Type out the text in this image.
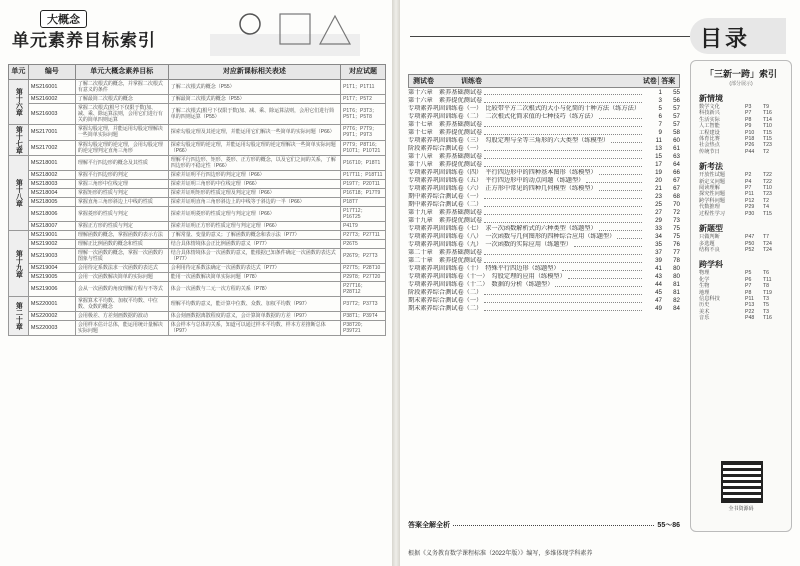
大概念
单元素养目标索引
单元	编号	单元大概念素养目标	对应新课标相关表述	对应试题
第十六章	MS216001	了解二次根式的概念，并掌握二次根式有意义的条件	了解二次根式的概念（P55）	P1T1；P1T11
	MS216002	了解最简二次根式的概念	了解最简二次根式的概念（P55）	P1T7；P5T2
	MS216003	掌握二次根式(根号下仅限于数)加、减、乘、除运算法则，会用它们进行有关的简单四则运算	了解二次根式(根号下仅限于数)加、减、乘、除运算法则，会用它们进行简单的四则运算（P55）	P1T6；P3T3；P5T1；P5T8
第十七章	MS217001	掌握勾股定理，并能运用勾股定理解决一些简单实际问题	探索勾股定理及其逆定理，并能运用它们解决一些简单的实际问题（P66）	P7T6；P7T9；P9T1；P9T3
	MS217002	掌握勾股定理的逆定理，会用勾股定理的逆定理判定直角三角形	探索勾股定理的逆定理，并能运用勾股定理的逆定理解决一些简单实际问题（P66）	P7T9；P8T16；P10T1；P10T21
第十八章	MS218001	理解平行四边形的概念及其性质	理解平行四边形、矩形、菱形、正方形的概念，以及它们之间的关系，了解四边形的不稳定性（P66）	P16T10；P18T1
	MS218002	掌握平行四边形的判定	探索并证明平行四边形的判定定理（P66）	P17T11；P18T11
	MS218003	掌握三角形中位线定理	探索并证明三角形的中位线定理（P66）	P19T7；P20T11
	MS218004	掌握矩形的性质与判定	探索并证明矩形的性质定理及判定定理（P66）	P16T18；P17T9
	MS218005	掌握直角三角形斜边上中线的性质	探索并证明直角三角形斜边上的中线等于斜边的一半（P66）	P18T7
	MS218006	掌握菱形的性质与判定	探索并证明菱形的性质定理与判定定理（P66）	P17T12；P16T25
	MS218007	掌握正方形的性质与判定	探索并证明正方形的性质定理与判定定理（P66）	P41T9
第十九章	MS219001	理解函数的概念，掌握函数的表示方法	了解常量、变量的意义；了解函数的概念和表示法（P77）	P27T3；P27T11
	MS219002	理解正比例函数的概念和性质	结合具体情境体会正比例函数的意义（P77）	P26T5
	MS219003	理解一次函数的概念，掌握一次函数的图象与性质	结合具体情境体会一次函数的意义，能根据已知条件确定一次函数的表达式（P77）	P26T9；P27T3
	MS219004	会用待定系数法求一次函数的表达式	会利用待定系数法确定一次函数的表达式（P77）	P27T5；P28T10
	MS219005	会用一次函数解决简单的实际问题	能用一次函数解决简单实际问题（P78）	P29T8；P27T20
	MS219006	会从一次函数的角度理解方程与不等式	体会一次函数与二元一次方程的关系（P78）	P27T16；P28T12
第二十章	MS220001	掌握算术平均数、加权平均数、中位数、众数的概念	理解平均数的意义，能计算中位数、众数、加权平均数（P97）	P37T2；P37T3
	MS220002	会用极差、方差刻画数据的波动	体会刻画数据离散程度的意义，会计算简单数据的方差（P97）	P38T1；P39T4
	MS220003	会用样本估计总体，能运用统计量解决实际问题	体会样本与总体的关系，知道可以通过样本平均数、样本方差推断总体（P97）	P38T20；P39T21
目录
测试卷	训练卷	试卷│答案
第十六章　素养基础测试卷	1	55
第十六章　素养提优测试卷	3	56
专项素养巩固训练卷（一）　比较带平方二次根式的大小与化简的十种方法（练方法）	5	57
专项素养巩固训练卷（二）　二次根式化简求值的七种技巧（练方法）	6	57
第十七章　素养基础测试卷	7	57
第十七章　素养提优测试卷	9	58
专项素养巩固训练卷（三）　勾股定理与全等三角形的六大类型（练模型）	11	60
阶段素养综合测试卷（一）	13	61
第十八章　素养基础测试卷	15	63
第十八章　素养提优测试卷	17	64
专项素养巩固训练卷（四）　平行四边形中的四种基本图形（练模型）	19	66
专项素养巩固训练卷（五）　平行四边形中的动点问题（练题型）	20	67
专项素养巩固训练卷（六）　正方形中常见的四种几何模型（练模型）	21	67
期中素养综合测试卷（一）	23	68
期中素养综合测试卷（二）	25	70
第十九章　素养基础测试卷	27	72
第十九章　素养提优测试卷	29	73
专项素养巩固训练卷（七）　求一次函数解析式的六种类型（练题型）	33	75
专项素养巩固训练卷（八）　一次函数与几何图形的四种综合应用（练题型）	34	75
专项素养巩固训练卷（九）　一次函数的实际应用（练题型）	35	76
第二十章　素养基础测试卷	37	77
第二十章　素养提优测试卷	39	78
专项素养巩固训练卷（十）　特殊平行四边形（练题型）	41	80
专项素养巩固训练卷（十一）　勾股定理的应用（练模型）	43	80
专项素养巩固训练卷（十二）　数据的分析（练题型）	44	81
阶段素养综合测试卷（二）	45	81
期末素养综合测试卷（一）	47	82
期末素养综合测试卷（二）	49	84
答案全解全析	55～86
根据《义务教育数学课程标准（2022年版）》编写，多维体现学科素养
「三新一跨」索引
(部分展示)
新情境
数学文化	P3	T9
科技新兴	P7	T16
生活实际	P8	T14
人工智能	P9	T10
工程建设	P10	T15
体育比赛	P18	T15
社会热点	P26	T23
传统节日	P44	T2
新考法
开放性试题	P2	T22
新定义问题	P4	T22
阅读理解	P7	T10
探究性问题	P11	T23
跨学科问题	P12	T2
代数推理	P29	T4
过程性学习	P30	T15
新题型
只做判断	P47	T7
多选题	P50	T24
结构不良	P52	T24
跨学科
物理	P5	T6
化学	P6	T11
生物	P7	T8
地理	P8	T19
信息科技	P11	T3
历史	P13	T5
美术	P22	T3
音乐	P48	T16
全书资源码
